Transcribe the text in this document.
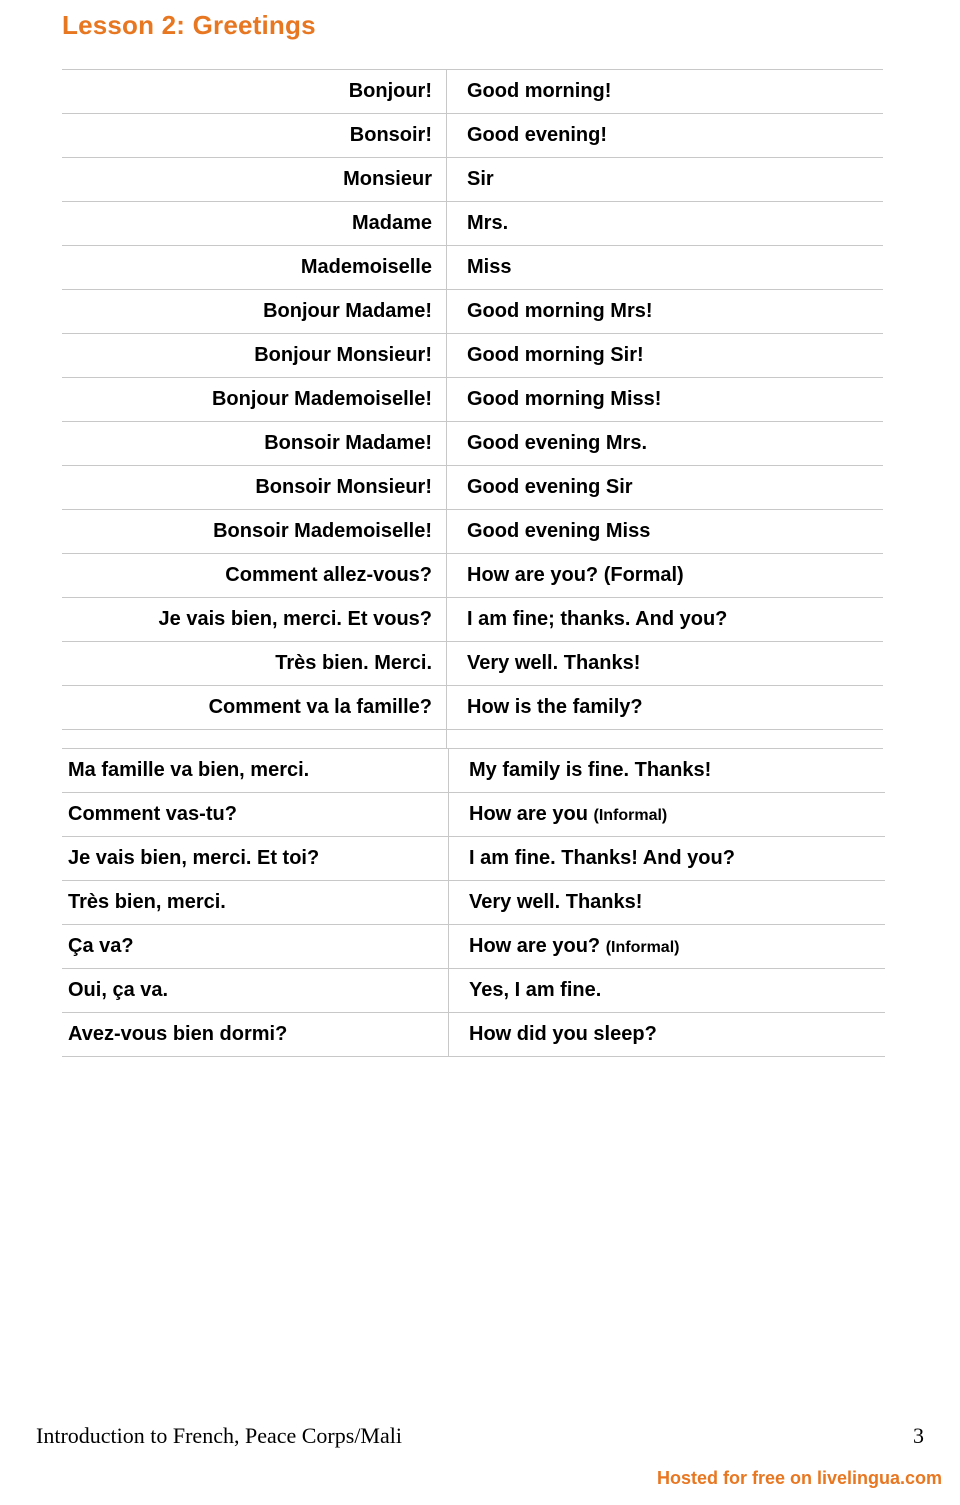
Lesson 2: Greetings
Bonjour!	Good morning!
Bonsoir!	Good evening!
Monsieur	Sir
Madame	Mrs.
Mademoiselle	Miss
Bonjour Madame!	Good morning Mrs!
Bonjour Monsieur!	Good morning Sir!
Bonjour Mademoiselle!	Good morning Miss!
Bonsoir Madame!	Good evening Mrs.
Bonsoir Monsieur!	Good evening Sir
Bonsoir Mademoiselle!	Good evening Miss
Comment allez-vous?	How are you? (Formal)
Je vais bien, merci. Et vous?	I am fine; thanks. And you?
Très bien. Merci.	Very well. Thanks!
Comment va la famille?	How is the family?

Ma famille va bien, merci.	My family is fine. Thanks!
Comment vas-tu?	How are you (Informal)
Je vais bien, merci. Et toi?	I am fine. Thanks! And you?
Très bien, merci.	Very well. Thanks!
Ça va?	How are you? (Informal)
Oui, ça va.	Yes, I am fine.
Avez-vous bien dormi?	How did you sleep?
Introduction to French, Peace Corps/Mali	3
Hosted for free on livelingua.com
